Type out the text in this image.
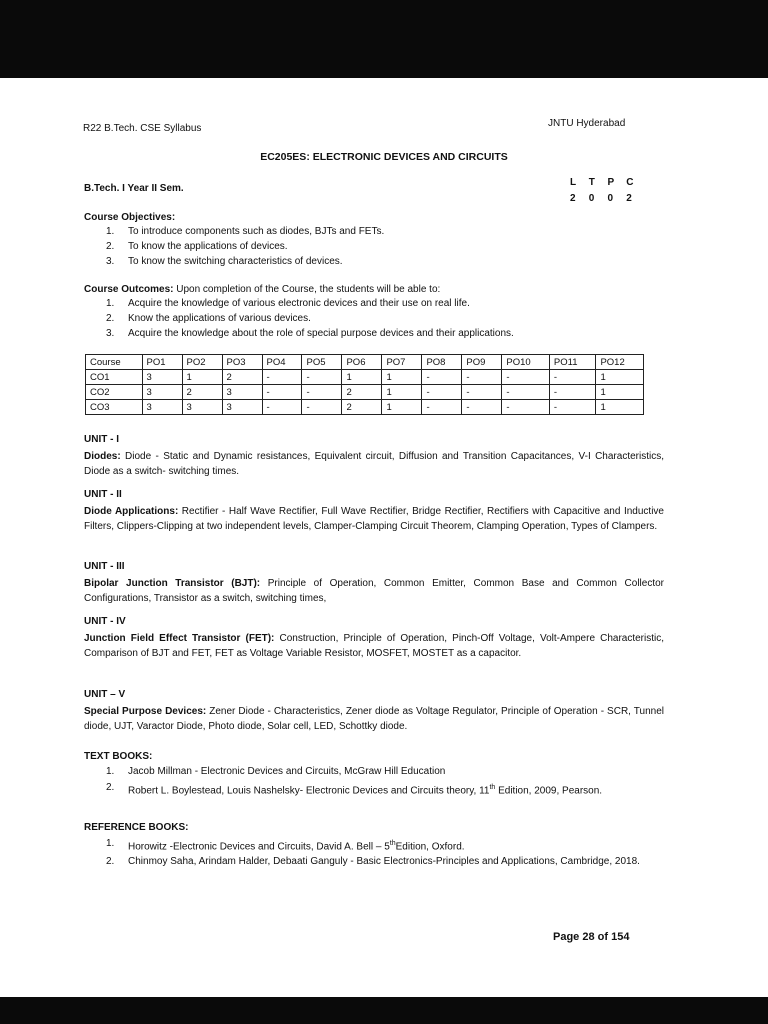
R22 B.Tech. CSE Syllabus	JNTU Hyderabad
EC205ES: ELECTRONIC DEVICES AND CIRCUITS
B.Tech. I Year II Sem.
L	T	P	C
2	0	0	2
Course Objectives:
1. To introduce components such as diodes, BJTs and FETs.
2. To know the applications of devices.
3. To know the switching characteristics of devices.
Course Outcomes: Upon completion of the Course, the students will be able to:
1. Acquire the knowledge of various electronic devices and their use on real life.
2. Know the applications of various devices.
3. Acquire the knowledge about the role of special purpose devices and their applications.
Course	PO1	PO2	PO3	PO4	PO5	PO6	PO7	PO8	PO9	PO10	PO11	PO12
CO1	3	1	2	-	-	1	1	-	-	-	-	1
CO2	3	2	3	-	-	2	1	-	-	-	-	1
CO3	3	3	3	-	-	2	1	-	-	-	-	1
UNIT - I
Diodes: Diode - Static and Dynamic resistances, Equivalent circuit, Diffusion and Transition Capacitances, V-I Characteristics, Diode as a switch- switching times.
UNIT - II
Diode Applications: Rectifier - Half Wave Rectifier, Full Wave Rectifier, Bridge Rectifier, Rectifiers with Capacitive and Inductive Filters, Clippers-Clipping at two independent levels, Clamper-Clamping Circuit Theorem, Clamping Operation, Types of Clampers.
UNIT - III
Bipolar Junction Transistor (BJT): Principle of Operation, Common Emitter, Common Base and Common Collector Configurations, Transistor as a switch, switching times,
UNIT - IV
Junction Field Effect Transistor (FET): Construction, Principle of Operation, Pinch-Off Voltage, Volt-Ampere Characteristic, Comparison of BJT and FET, FET as Voltage Variable Resistor, MOSFET, MOSTET as a capacitor.
UNIT – V
Special Purpose Devices: Zener Diode - Characteristics, Zener diode as Voltage Regulator, Principle of Operation - SCR, Tunnel diode, UJT, Varactor Diode, Photo diode, Solar cell, LED, Schottky diode.
TEXT BOOKS:
1. Jacob Millman - Electronic Devices and Circuits, McGraw Hill Education
2. Robert L. Boylestead, Louis Nashelsky- Electronic Devices and Circuits theory, 11th Edition, 2009, Pearson.
REFERENCE BOOKS:
1. Horowitz -Electronic Devices and Circuits, David A. Bell – 5thEdition, Oxford.
2. Chinmoy Saha, Arindam Halder, Debaati Ganguly - Basic Electronics-Principles and Applications, Cambridge, 2018.
Page 28 of 154
